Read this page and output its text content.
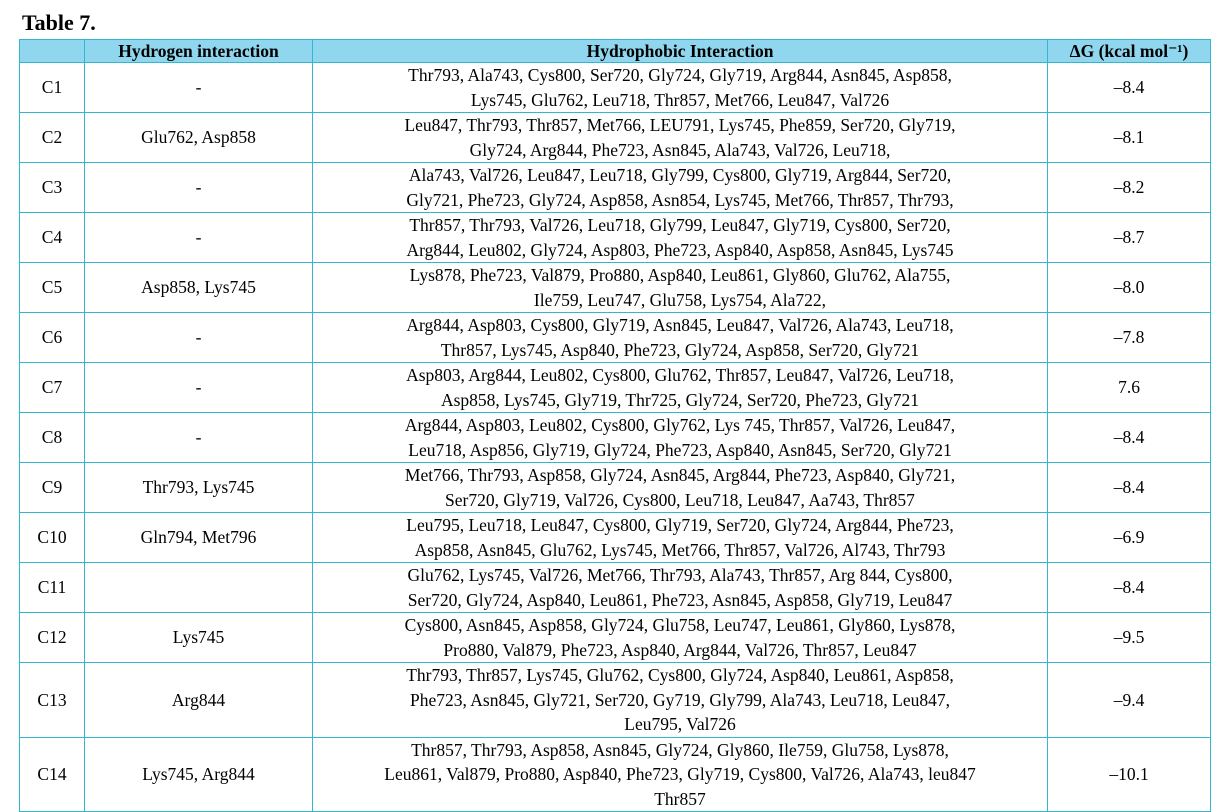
Table 7.
	Hydrogen interaction	Hydrophobic Interaction	ΔG (kcal mol⁻¹)
C1	-	Thr793, Ala743, Cys800, Ser720, Gly724, Gly719, Arg844, Asn845, Asp858,
Lys745, Glu762, Leu718, Thr857, Met766, Leu847, Val726	–8.4
C2	Glu762, Asp858	Leu847, Thr793, Thr857, Met766, LEU791, Lys745, Phe859, Ser720, Gly719,
Gly724, Arg844, Phe723, Asn845, Ala743, Val726, Leu718,	–8.1
C3	-	Ala743, Val726, Leu847, Leu718, Gly799, Cys800, Gly719, Arg844, Ser720,
Gly721, Phe723, Gly724, Asp858, Asn854, Lys745, Met766, Thr857, Thr793,	–8.2
C4	-	Thr857, Thr793, Val726, Leu718, Gly799, Leu847, Gly719, Cys800, Ser720,
Arg844, Leu802, Gly724, Asp803, Phe723, Asp840, Asp858, Asn845, Lys745	–8.7
C5	Asp858, Lys745	Lys878, Phe723, Val879, Pro880, Asp840, Leu861, Gly860, Glu762, Ala755,
Ile759, Leu747, Glu758, Lys754, Ala722,	–8.0
C6	-	Arg844, Asp803, Cys800, Gly719, Asn845, Leu847, Val726, Ala743, Leu718,
Thr857, Lys745, Asp840, Phe723, Gly724, Asp858, Ser720, Gly721	–7.8
C7	-	Asp803, Arg844, Leu802, Cys800, Glu762, Thr857, Leu847, Val726, Leu718,
Asp858, Lys745, Gly719, Thr725, Gly724, Ser720, Phe723, Gly721	7.6
C8	-	Arg844, Asp803, Leu802, Cys800, Gly762, Lys 745, Thr857, Val726, Leu847,
Leu718, Asp856, Gly719, Gly724, Phe723, Asp840, Asn845, Ser720, Gly721	–8.4
C9	Thr793, Lys745	Met766, Thr793, Asp858, Gly724, Asn845, Arg844, Phe723, Asp840, Gly721,
Ser720, Gly719, Val726, Cys800, Leu718, Leu847, Aa743, Thr857	–8.4
C10	Gln794, Met796	Leu795, Leu718, Leu847, Cys800, Gly719, Ser720, Gly724, Arg844, Phe723,
Asp858, Asn845, Glu762, Lys745, Met766, Thr857, Val726, Al743, Thr793	–6.9
C11		Glu762, Lys745, Val726, Met766, Thr793, Ala743, Thr857, Arg 844, Cys800,
Ser720, Gly724, Asp840, Leu861, Phe723, Asn845, Asp858, Gly719, Leu847	–8.4
C12	Lys745	Cys800, Asn845, Asp858, Gly724, Glu758, Leu747, Leu861, Gly860, Lys878,
Pro880, Val879, Phe723, Asp840, Arg844, Val726, Thr857, Leu847	–9.5
C13	Arg844	Thr793, Thr857, Lys745, Glu762, Cys800, Gly724, Asp840, Leu861, Asp858,
Phe723, Asn845, Gly721, Ser720, Gy719, Gly799, Ala743, Leu718, Leu847,
Leu795, Val726	–9.4
C14	Lys745, Arg844	Thr857, Thr793, Asp858, Asn845, Gly724, Gly860, Ile759, Glu758, Lys878,
Leu861, Val879, Pro880, Asp840, Phe723, Gly719, Cys800, Val726, Ala743, leu847
Thr857	–10.1
